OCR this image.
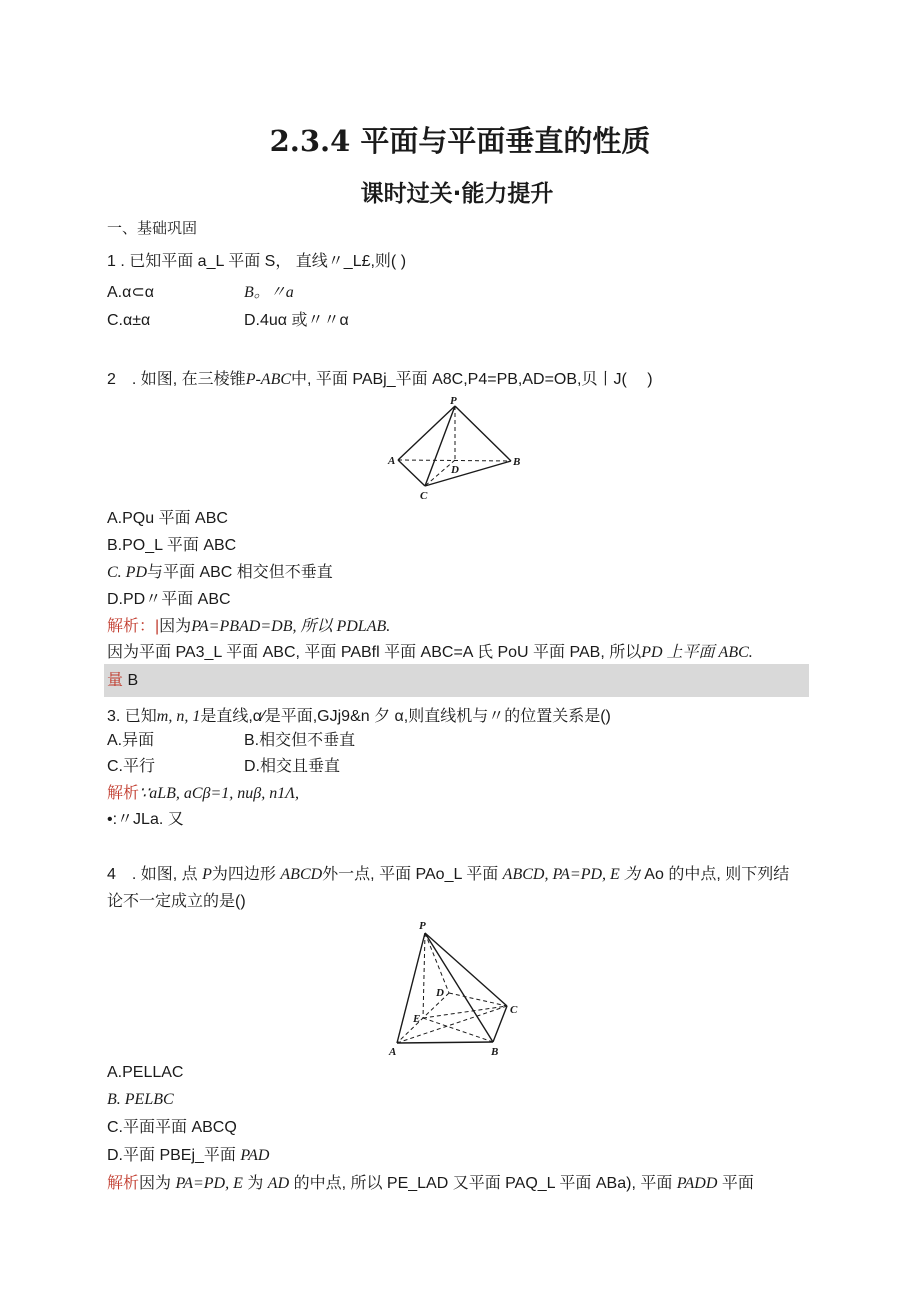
2.3.4 平面与平面垂直的性质
课时过关·能力提升
一、基础巩固
1 . 已知平面 a_L 平面 S， 直线〃_L£,则( )
A.α⊂α	B。〃a
C.α±α	D.4uα 或〃〃α
2　. 如图, 在三棱锥P-ABC中, 平面 PABj_平面 A8C,P4=PB,AD=OB,贝丨J(　 )
P
A	B
C
D
A.PQu 平面 ABC
B.PO_L 平面 ABC
C. PD与平面 ABC 相交但不垂直
D.PD〃平面 ABC
解析：|因为PA=PBAD=DB, 所以 PDLAB.
因为平面 PA3_L 平面 ABC, 平面 PABfl 平面 ABC=A 氏 PoU 平面 PAB, 所以PD 上平面 ABC.
量 B
3. 已知m, n, 1是直线,α∕是平面,GJj9&n 夕 α,则直线机与〃的位置关系是()
A.异面	B.相交但不垂直
C.平行	D.相交且垂直
解析∵aLB, aCβ=1, nuβ, n1Λ,
•:〃JLa. 又
4　. 如图, 点 P为四边形 ABCD外一点, 平面 PAo_L 平面 ABCD, PA=PD, E 为 Ao 的中点, 则下列结
论不一定成立的是()
P
D
E
C
A	B
A.PELLAC
B. PELBC
C.平面平面 ABCQ
D.平面 PBEj_平面 PAD
解析因为 PA=PD, E 为 AD 的中点, 所以 PE_LAD 又平面 PAQ_L 平面 ABa), 平面 PADD 平面
